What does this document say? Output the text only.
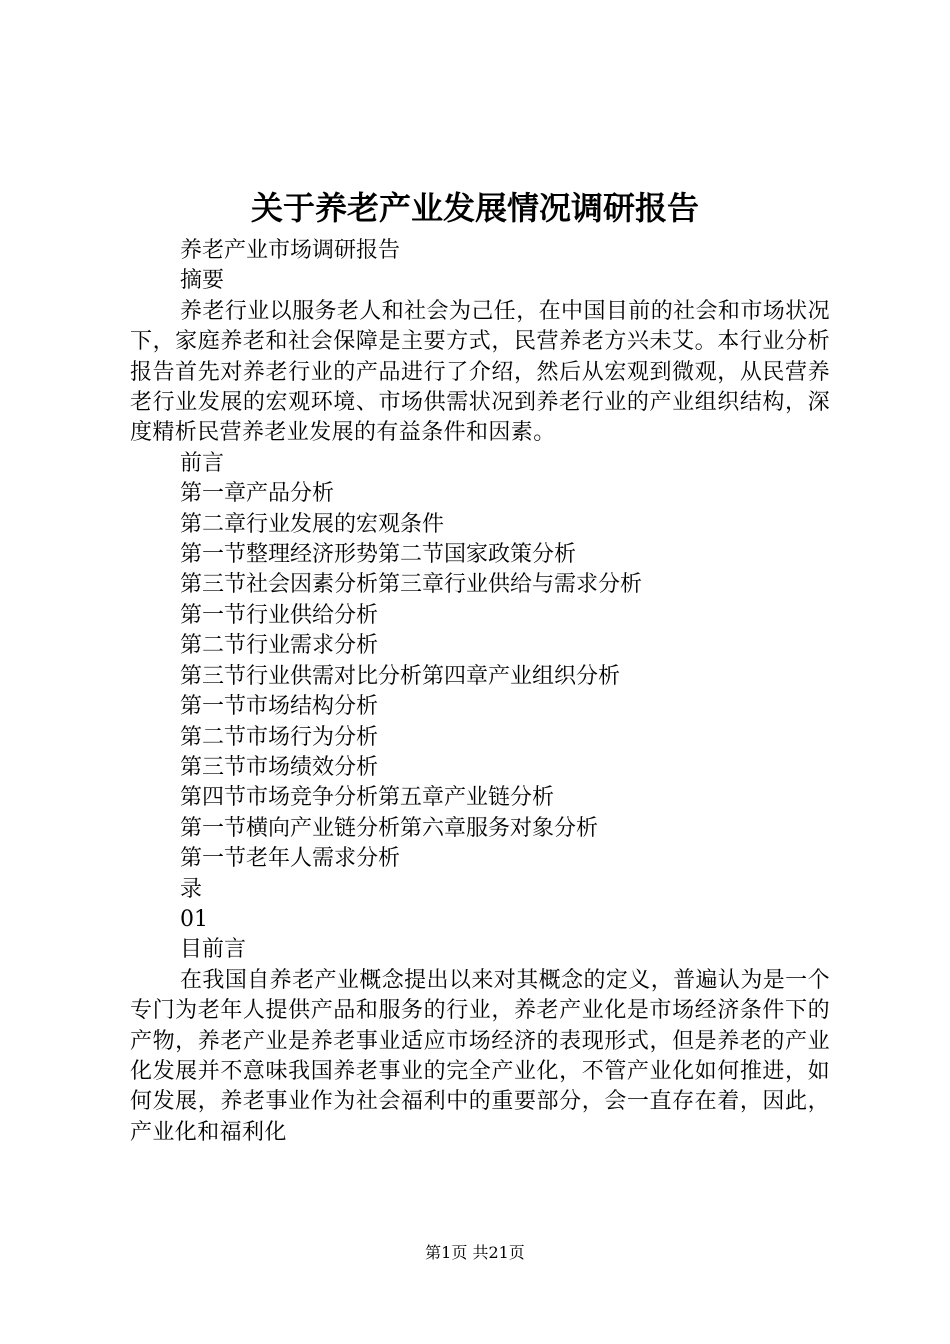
关于养老产业发展情况调研报告
养老产业市场调研报告
摘要
养老行业以服务老人和社会为己任，在中国目前的社会和市场状况下，家庭养老和社会保障是主要方式，民营养老方兴未艾。本行业分析报告首先对养老行业的产品进行了介绍，然后从宏观到微观，从民营养老行业发展的宏观环境、市场供需状况到养老行业的产业组织结构，深度精析民营养老业发展的有益条件和因素。
前言
第一章产品分析
第二章行业发展的宏观条件
第一节整理经济形势第二节国家政策分析
第三节社会因素分析第三章行业供给与需求分析
第一节行业供给分析
第二节行业需求分析
第三节行业供需对比分析第四章产业组织分析
第一节市场结构分析
第二节市场行为分析
第三节市场绩效分析
第四节市场竞争分析第五章产业链分析
第一节横向产业链分析第六章服务对象分析
第一节老年人需求分析
录
01
目前言
在我国自养老产业概念提出以来对其概念的定义，普遍认为是一个专门为老年人提供产品和服务的行业，养老产业化是市场经济条件下的产物，养老产业是养老事业适应市场经济的表现形式，但是养老的产业化发展并不意味我国养老事业的完全产业化，不管产业化如何推进，如何发展，养老事业作为社会福利中的重要部分，会一直存在着，因此，产业化和福利化
第1页 共21页
